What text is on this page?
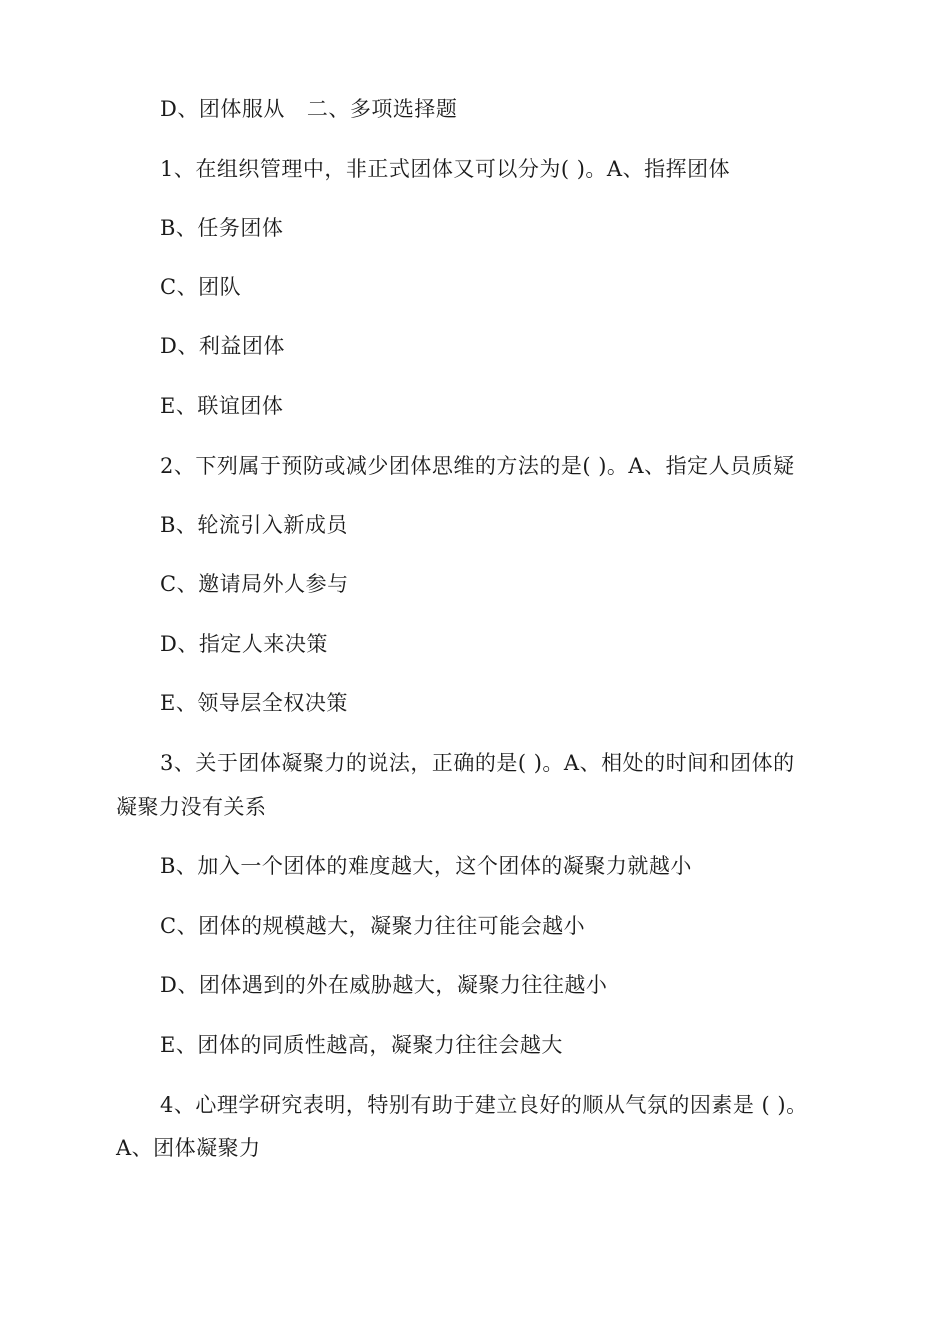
D、团体服从 二、多项选择题
1、在组织管理中，非正式团体又可以分为( )。A、指挥团体
B、任务团体
C、团队
D、利益团体
E、联谊团体
2、下列属于预防或减少团体思维的方法的是( )。A、指定人员质疑
B、轮流引入新成员
C、邀请局外人参与
D、指定人来决策
E、领导层全权决策
3、关于团体凝聚力的说法，正确的是( )。A、相处的时间和团体的
凝聚力没有关系
B、加入一个团体的难度越大，这个团体的凝聚力就越小
C、团体的规模越大，凝聚力往往可能会越小
D、团体遇到的外在威胁越大，凝聚力往往越小
E、团体的同质性越高，凝聚力往往会越大
4、心理学研究表明，特别有助于建立良好的顺从气氛的因素是 ( )。
A、团体凝聚力
